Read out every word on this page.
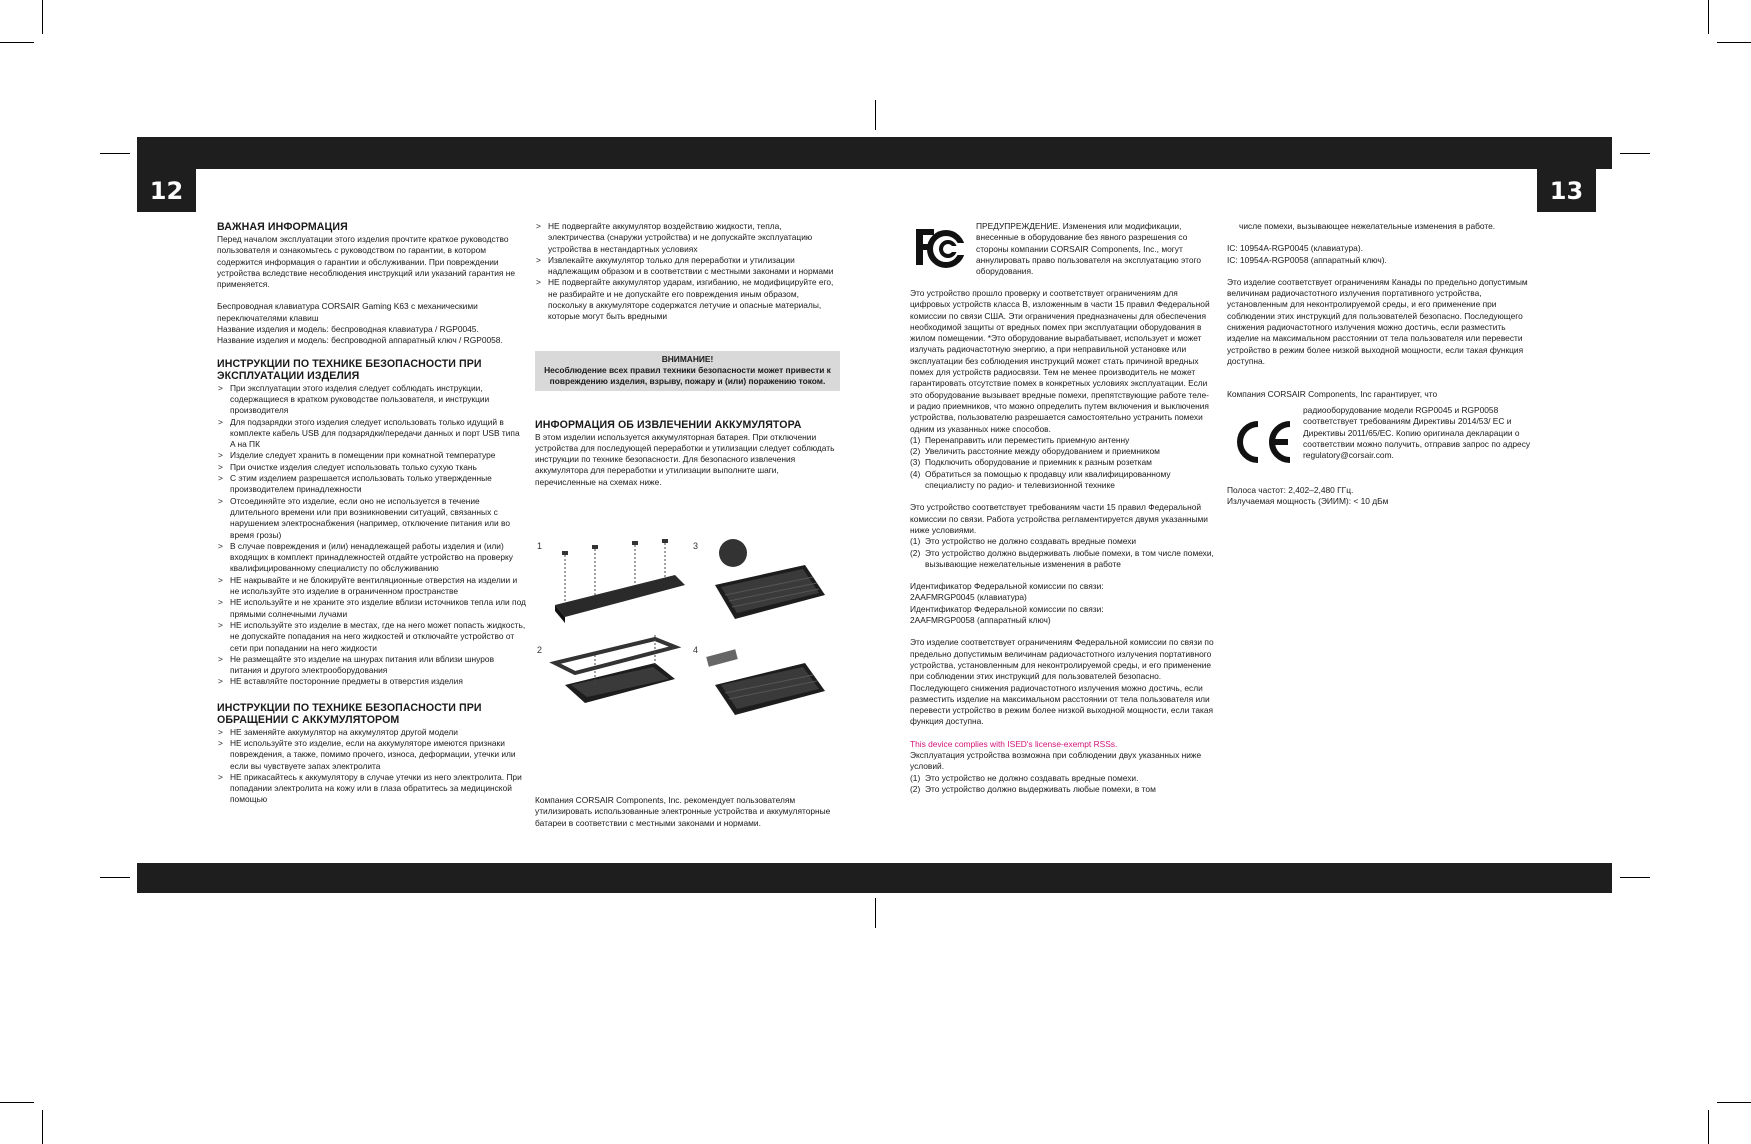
12	13
ВАЖНАЯ ИНФОРМАЦИЯ

Перед началом эксплуатации этого изделия прочтите краткое руководство пользователя и ознакомьтесь с руководством по гарантии, в котором содержится информация о гарантии и обслуживании. При повреждении устройства вследствие несоблюдения инструкций или указаний гарантия не применяется.

Беспроводная клавиатура CORSAIR Gaming K63 с механическими переключателями клавиш

Название изделия и модель: беспроводная клавиатура / RGP0045.

Название изделия и модель: беспроводной аппаратный ключ / RGP0058.

ИНСТРУКЦИИ ПО ТЕХНИКЕ БЕЗОПАСНОСТИ ПРИ ЭКСПЛУАТАЦИИ ИЗДЕЛИЯ
> При эксплуатации этого изделия следует соблюдать инструкции, содержащиеся в кратком руководстве пользователя, и инструкции производителя
> Для подзарядки этого изделия следует использовать только идущий в комплекте кабель USB для подзарядки/передачи данных и порт USB типа A на ПК
> Изделие следует хранить в помещении при комнатной температуре
> При очистке изделия следует использовать только сухую ткань
> С этим изделием разрешается использовать только утвержденные производителем принадлежности
> Отсоединяйте это изделие, если оно не используется в течение длительного времени или при возникновении ситуаций, связанных с нарушением электроснабжения (например, отключение питания или во время грозы)
> В случае повреждения и (или) ненадлежащей работы изделия и (или) входящих в комплект принадлежностей отдайте устройство на проверку квалифицированному специалисту по обслуживанию
> НЕ накрывайте и не блокируйте вентиляционные отверстия на изделии и не используйте это изделие в ограниченном пространстве
> НЕ используйте и не храните это изделие вблизи источников тепла или под прямыми солнечными лучами
> НЕ используйте это изделие в местах, где на него может попасть жидкость, не допускайте попадания на него жидкостей и отключайте устройство от сети при попадании на него жидкости
> Не размещайте это изделие на шнурах питания или вблизи шнуров питания и другого электрооборудования
> НЕ вставляйте посторонние предметы в отверстия изделия
ИНСТРУКЦИИ ПО ТЕХНИКЕ БЕЗОПАСНОСТИ ПРИ ОБРАЩЕНИИ С АККУМУЛЯТОРОМ
> НЕ заменяйте аккумулятор на аккумулятор другой модели
> НЕ используйте это изделие, если на аккумуляторе имеются признаки повреждения, а также, помимо прочего, износа, деформации, утечки или если вы чувствуете запах электролита
> НЕ прикасайтесь к аккумулятору в случае утечки из него электролита. При попадании электролита на кожу или в глаза обратитесь за медицинской помощью
> НЕ подвергайте аккумулятор воздействию жидкости, тепла, электричества (снаружи устройства) и не допускайте эксплуатацию устройства в нестандартных условиях
> Извлекайте аккумулятор только для переработки и утилизации надлежащим образом и в соответствии с местными законами и нормами
> НЕ подвергайте аккумулятор ударам, изгибанию, не модифицируйте его, не разбирайте и не допускайте его повреждения иным образом, поскольку в аккумуляторе содержатся летучие и опасные материалы, которые могут быть вредными
ВНИМАНИЕ!
Несоблюдение всех правил техники безопасности может привести к повреждению изделия, взрыву, пожару и (или) поражению током.
ИНФОРМАЦИЯ ОБ ИЗВЛЕЧЕНИИ АККУМУЛЯТОРА

В этом изделии используется аккумуляторная батарея. При отключении устройства для последующей переработки и утилизации следует соблюдать инструкции по технике безопасности. Для безопасного извлечения аккумулятора для переработки и утилизации выполните шаги, перечисленные на схемах ниже.

1
2
3
4

Компания CORSAIR Components, Inc. рекомендует пользователям утилизировать использованные электронные устройства и аккумуляторные батареи в соответствии с местными законами и нормами.

ПРЕДУПРЕЖДЕНИЕ. Изменения или модификации, внесенные в оборудование без явного разрешения со стороны компании CORSAIR Components, Inc., могут аннулировать право пользователя на эксплуатацию этого оборудования.

Это устройство прошло проверку и соответствует ограничениям для цифровых устройств класса B, изложенным в части 15 правил Федеральной комиссии по связи США. Эти ограничения предназначены для обеспечения необходимой защиты от вредных помех при эксплуатации оборудования в жилом помещении. *Это оборудование вырабатывает, использует и может излучать радиочастотную энергию, а при неправильной установке или эксплуатации без соблюдения инструкций может стать причиной вредных помех для устройств радиосвязи. Тем не менее производитель не может гарантировать отсутствие помех в конкретных условиях эксплуатации. Если это оборудование вызывает вредные помехи, препятствующие работе теле- и радио приемников, что можно определить путем включения и выключения устройства, пользователю разрешается самостоятельно устранить помехи одним из указанных ниже способов.

(1) Перенаправить или переместить приемную антенну
(2) Увеличить расстояние между оборудованием и приемником
(3) Подключить оборудование и приемник к разным розеткам
(4) Обратиться за помощью к продавцу или квалифицированному специалисту по радио- и телевизионной технике

Это устройство соответствует требованиям части 15 правил Федеральной комиссии по связи. Работа устройства регламентируется двумя указанными ниже условиями.

(1) Это устройство не должно создавать вредные помехи
(2) Это устройство должно выдерживать любые помехи, в том числе помехи, вызывающие нежелательные изменения в работе

Идентификатор Федеральной комиссии по связи:

2AAFMRGP0045 (клавиатура)

Идентификатор Федеральной комиссии по связи:

2AAFMRGP0058 (аппаратный ключ)

Это изделие соответствует ограничениям Федеральной комиссии по связи по предельно допустимым величинам радиочастотного излучения портативного устройства, установленным для неконтролируемой среды, и его применение при соблюдении этих инструкций для пользователей безопасно. Последующего снижения радиочастотного излучения можно достичь, если разместить изделие на максимальном расстоянии от тела пользователя или перевести устройство в режим более низкой выходной мощности, если такая функция доступна.

This device complies with ISED's license-exempt RSSs.

Эксплуатация устройства возможна при соблюдении двух указанных ниже условий.

(1) Это устройство не должно создавать вредные помехи.
(2) Это устройство должно выдерживать любые помехи, в том

числе помехи, вызывающее нежелательные изменения в работе.

IC: 10954A-RGP0045 (клавиатура).

IC: 10954A-RGP0058 (аппаратный ключ).

Это изделие соответствует ограничениям Канады по предельно допустимым величинам радиочастотного излучения портативного устройства, установленным для неконтролируемой среды, и его применение при соблюдении этих инструкций для пользователей безопасно. Последующего снижения радиочастотного излучения можно достичь, если разместить изделие на максимальном расстоянии от тела пользователя или перевести устройство в режим более низкой выходной мощности, если такая функция доступна.

Компания CORSAIR Components, Inc гарантирует, что

радиооборудование модели RGP0045 и RGP0058 соответствует требованиям Директивы 2014/53/ EC и Директивы 2011/65/EC. Копию оригинала декларации о соответствии можно получить, отправив запрос по адресу regulatory@corsair.com.

Полоса частот: 2,402–2,480 ГГц.

Излучаемая мощность (ЭИИМ): < 10 дБм
